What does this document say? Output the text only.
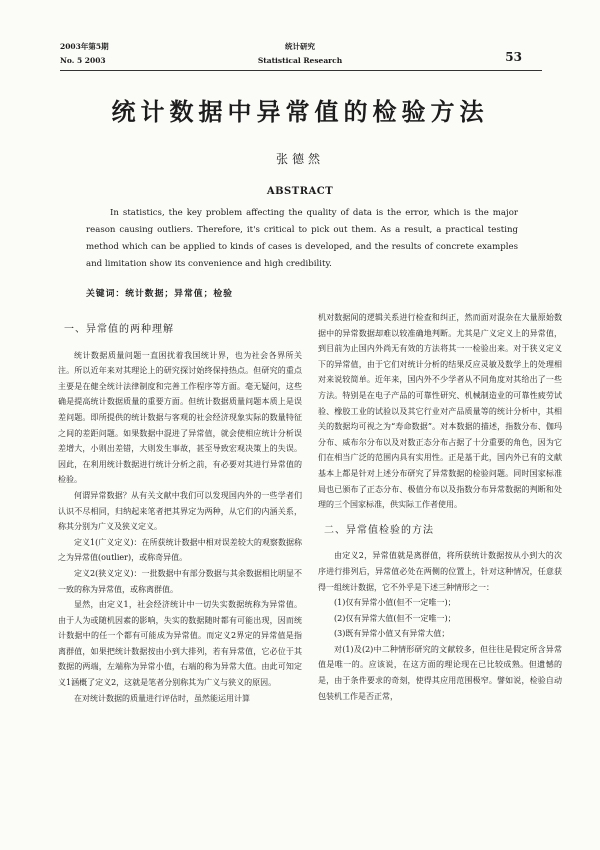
2003年第5期
No. 5 2003
统计研究
Statistical Research	53
统计数据中异常值的检验方法
张德然
ABSTRACT
In statistics, the key problem affecting the quality of data is the error, which is the major reason causing outliers. Therefore, it's critical to pick out them. As a result, a practical testing method which can be applied to kinds of cases is developed, and the results of concrete examples and limitation show its convenience and high credibility.
关键词：统计数据；异常值；检验
一、异常值的两种理解

统计数据质量问题一直困扰着我国统计界，也为社会各界所关注。所以近年来对其理论上的研究探讨始终保持热点。但研究的重点主要是在健全统计法律制度和完善工作程序等方面。毫无疑问，这些确是提高统计数据质量的重要方面。但统计数据质量问题本质上是误差问题。即所提供的统计数据与客观的社会经济现象实际的数量特征之间的差距问题。如果数据中混进了异常值，就会使相应统计分析误差增大，小则出差错，大则发生事故，甚至导致宏观决策上的失误。因此，在利用统计数据进行统计分析之前，有必要对其进行异常值的检验。

何谓异常数据？从有关文献中我们可以发现国内外的一些学者们认识不尽相同，归纳起来笔者把其界定为两种，从它们的内涵关系，称其分别为广义及狭义定义。

定义1(广义定义)：在所获统计数据中相对误差较大的观察数据称之为异常值(outlier)，或称奇异值。

定义2(狭义定义)：一批数据中有部分数据与其余数据相比明显不一致的称为异常值，或称离群值。

显然，由定义1，社会经济统计中一切失实数据统称为异常值。由于人为或随机因素的影响，失实的数据随时都有可能出现，因而统计数据中的任一个都有可能成为异常值。而定义2界定的异常值是指离群值，如果把统计数据按由小到大排列，若有异常值，它必位于其数据的两端，左端称为异常小值，右端的称为异常大值。由此可知定义1涵概了定义2，这就是笔者分别称其为广义与狭义的原因。

在对统计数据的质量进行评估时，虽然能运用计算

机对数据间的逻辑关系进行检查和纠正，然而面对混杂在大量原始数据中的异常数据却难以较准确地判断。尤其是广义定义上的异常值，到目前为止国内外尚无有效的方法将其一一检验出来。对于狭义定义下的异常值，由于它们对统计分析的结果反应灵敏及数学上的处理相对来说较简单。近年来，国内外不少学者从不同角度对其给出了一些方法。特别是在电子产品的可靠性研究、机械制造业的可靠性疲劳试验、橡胶工业的试验以及其它行业对产品质量等的统计分析中，其相关的数据均可视之为“寿命数据”。对本数据的描述，指数分布、伽玛分布、威布尔分布以及对数正态分布占据了十分重要的角色，因为它们在相当广泛的范围内具有实用性。正是基于此，国内外已有的文献基本上都是针对上述分布研究了异常数据的检验问题。同时国家标准局也已颁布了正态分布、极值分布以及指数分布异常数据的判断和处理的三个国家标准，供实际工作者使用。

二、异常值检验的方法

由定义2，异常值就是离群值，将所获统计数据按从小到大的次序进行排列后，异常值必处在两侧的位置上，针对这种情况，任意获得一组统计数据，它不外乎是下述三种情形之一：

(1)仅有异常小值(但不一定唯一)；

(2)仅有异常大值(但不一定唯一)；

(3)既有异常小值又有异常大值；

对(1)及(2)中二种情形研究的文献较多，但往往是假定所含异常值是唯一的。应该说，在这方面的理论现在已比较成熟。但遗憾的是，由于条件要求的奇刻，使得其应用范围极窄。譬如说，检验自动包装机工作是否正常，
